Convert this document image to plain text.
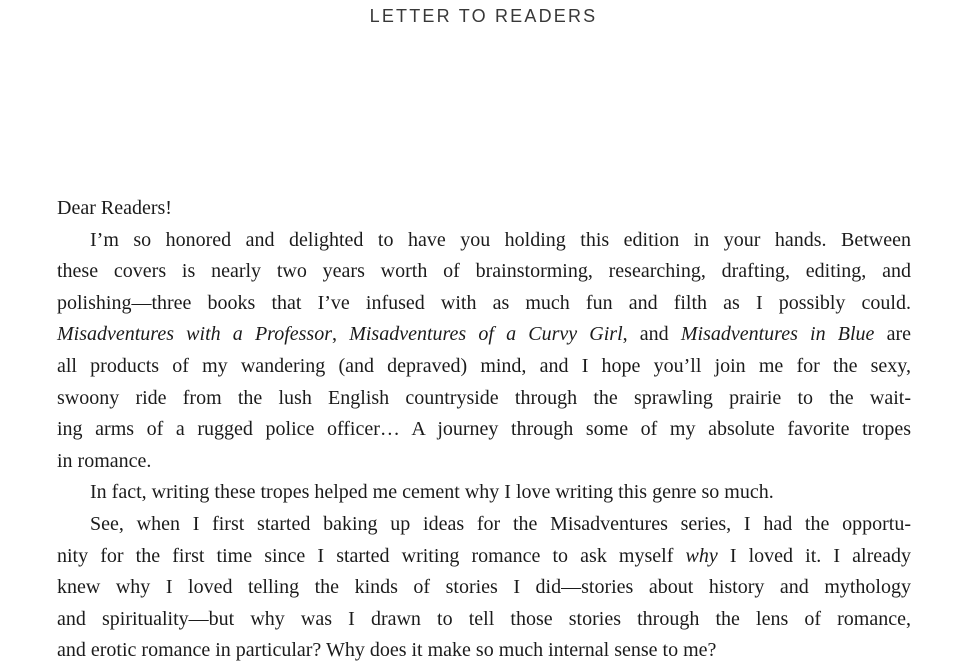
LETTER TO READERS
Dear Readers!
I’m so honored and delighted to have you holding this edition in your hands. Between
these covers is nearly two years worth of brainstorming, researching, drafting, editing, and
polishing—three books that I’ve infused with as much fun and filth as I possibly could.
Misadventures with a Professor, Misadventures of a Curvy Girl, and Misadventures in Blue are
all products of my wandering (and depraved) mind, and I hope you’ll join me for the sexy,
swoony ride from the lush English countryside through the sprawling prairie to the wait-
ing arms of a rugged police officer… A journey through some of my absolute favorite tropes
in romance.
In fact, writing these tropes helped me cement why I love writing this genre so much.
See, when I first started baking up ideas for the Misadventures series, I had the opportu-
nity for the first time since I started writing romance to ask myself why I loved it. I already
knew why I loved telling the kinds of stories I did—stories about history and mythology
and spirituality—but why was I drawn to tell those stories through the lens of romance,
and erotic romance in particular? Why does it make so much internal sense to me?
